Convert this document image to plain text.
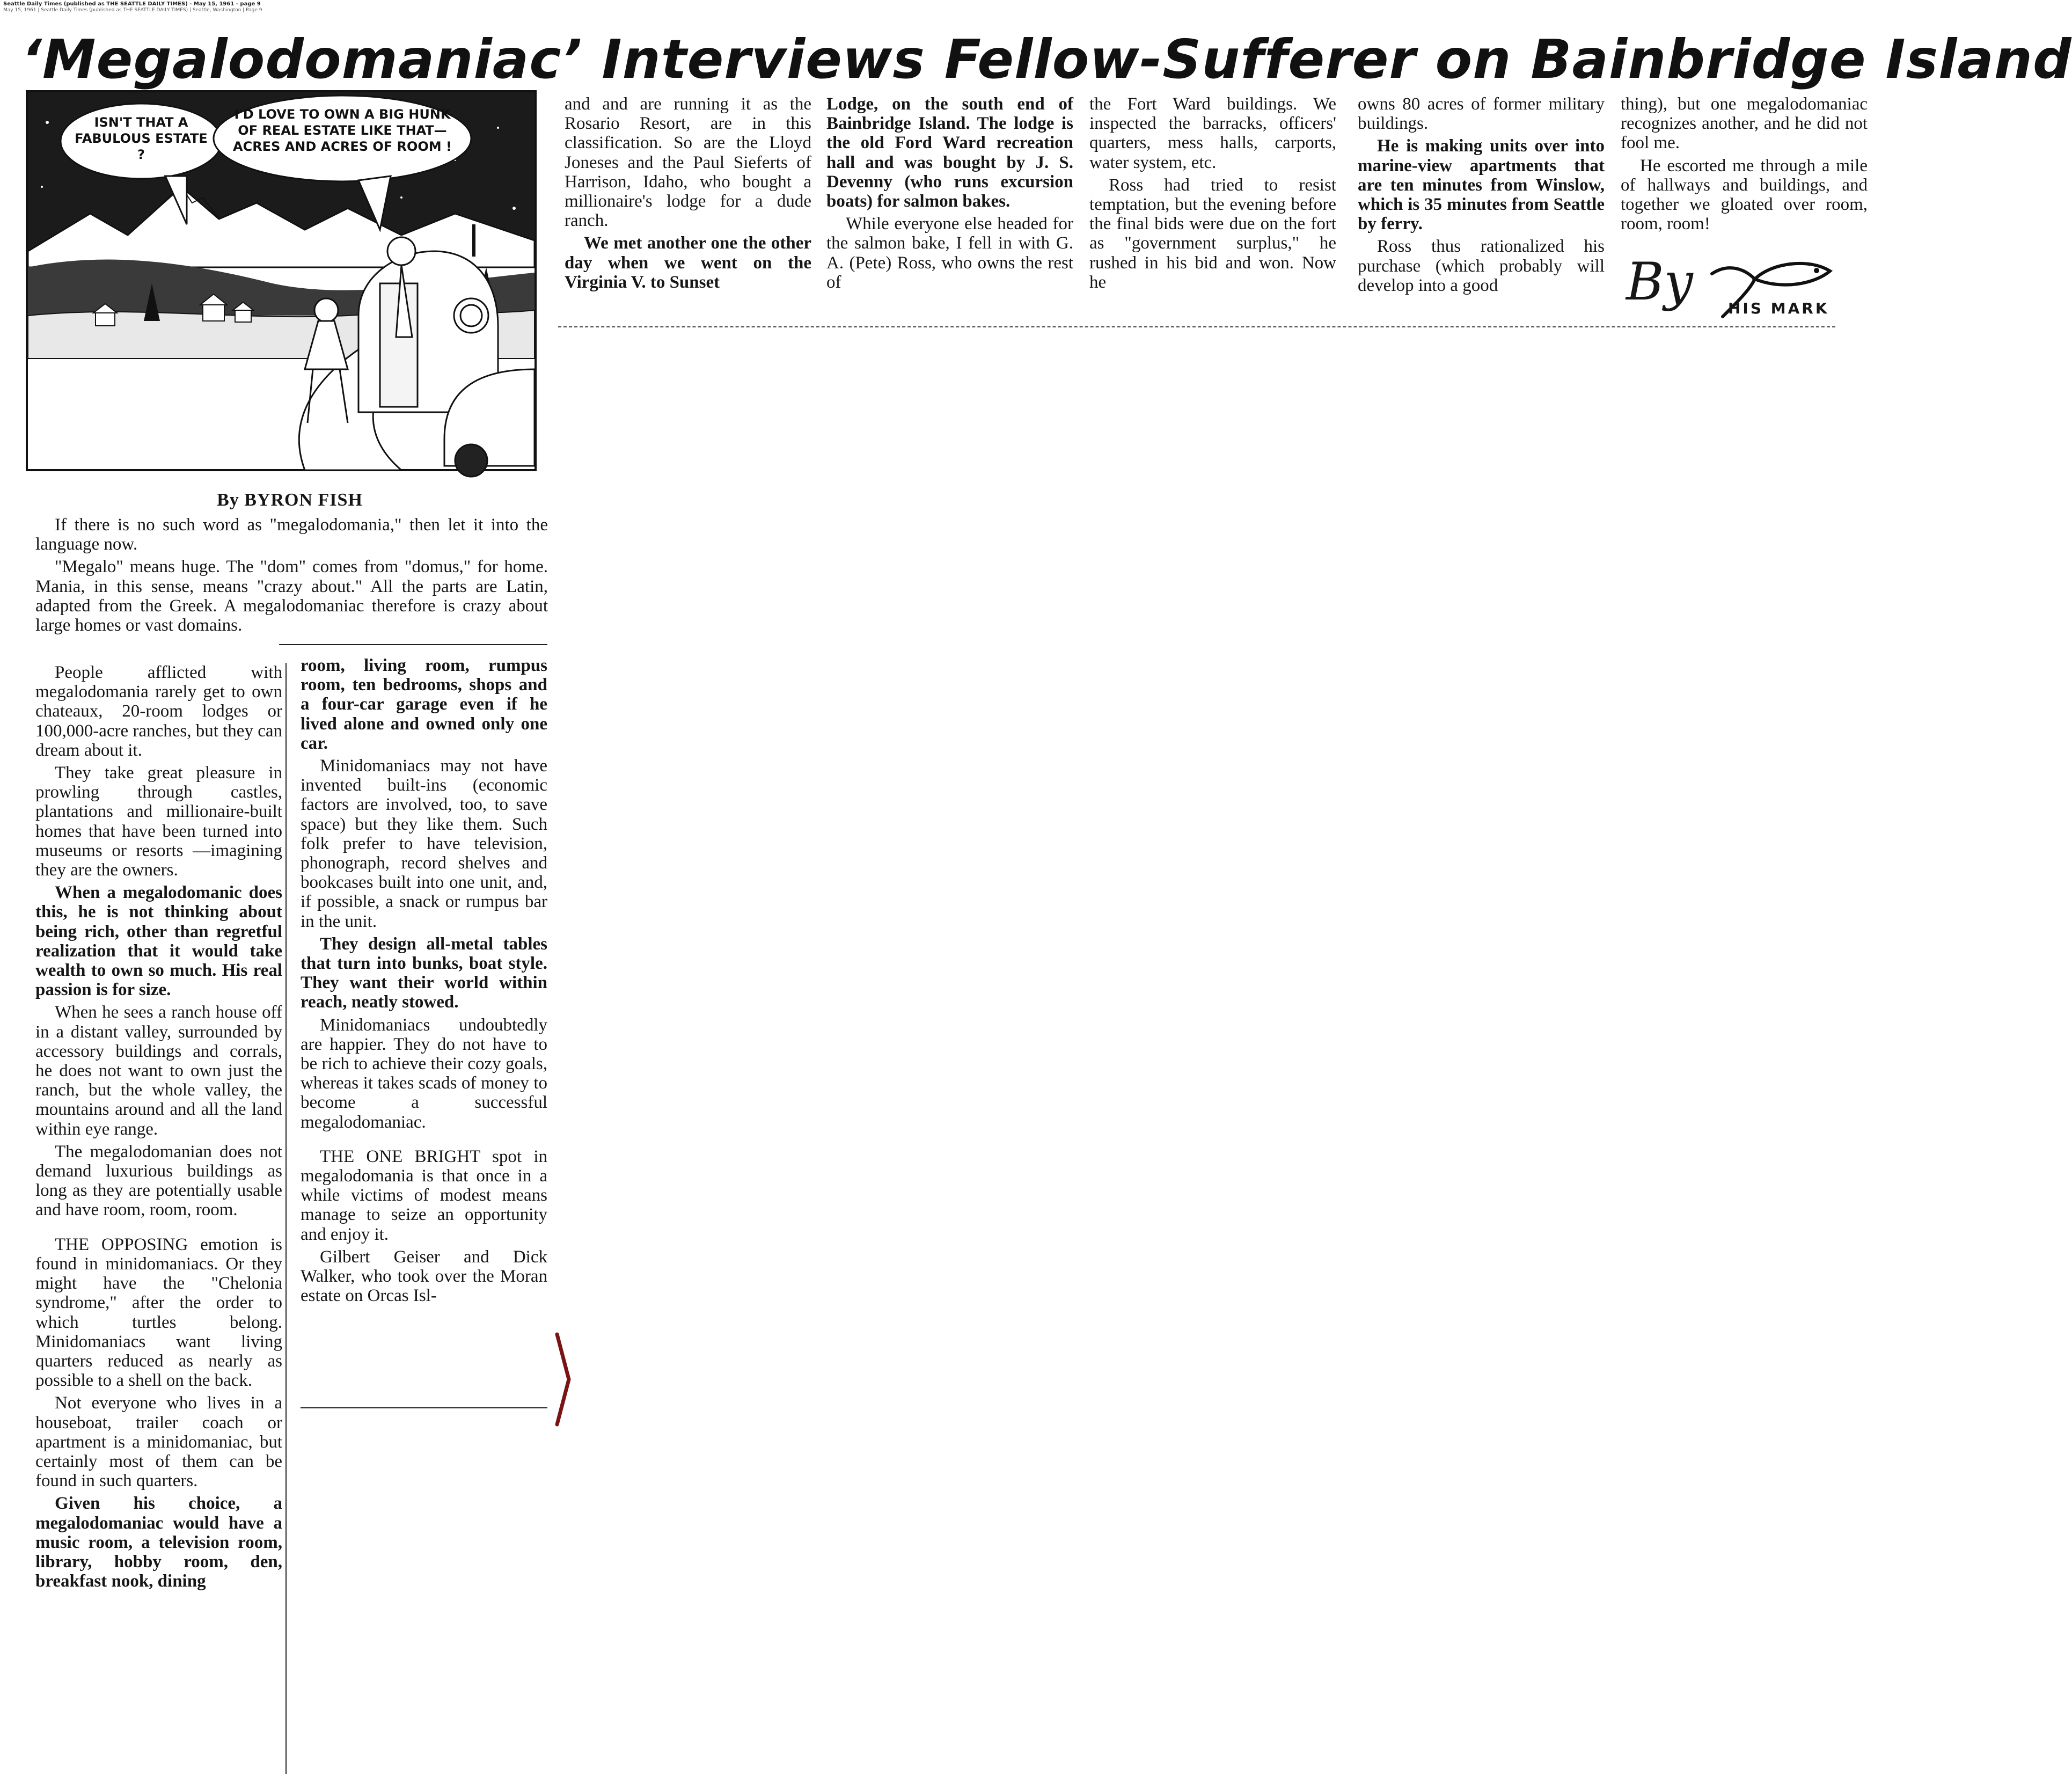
Seattle Daily Times (published as THE SEATTLE DAILY TIMES) - May 15, 1961 - page 9
May 15, 1961 | Seattle Daily Times (published as THE SEATTLE DAILY TIMES) | Seattle, Washington | Page 9
‘Megalodomaniac’ Interviews Fellow-Sufferer on Bainbridge Island
ISN'T THAT A FABULOUS ESTATE ?
I'D LOVE TO OWN A BIG HUNK OF REAL ESTATE LIKE THAT—ACRES AND ACRES OF ROOM !
By BYRON FISH

If there is no such word as "megalodomania," then let it into the language now.

"Megalo" means huge. The "dom" comes from "domus," for home. Mania, in this sense, means "crazy about." All the parts are Latin, adapted from the Greek. A megalodomaniac therefore is crazy about large homes or vast domains.

People afflicted with megalodomania rarely get to own chateaux, 20-room lodges or 100,000-acre ranches, but they can dream about it.

They take great pleasure in prowling through castles, plantations and millionaire-built homes that have been turned into museums or resorts —imagining they are the owners.

When a megalodomanic does this, he is not thinking about being rich, other than regretful realization that it would take wealth to own so much. His real passion is for size.

When he sees a ranch house off in a distant valley, surrounded by accessory buildings and corrals, he does not want to own just the ranch, but the whole valley, the mountains around and all the land within eye range.

The megalodomanian does not demand luxurious buildings as long as they are potentially usable and have room, room, room.

THE OPPOSING emotion is found in minidomaniacs. Or they might have the "Chelonia syndrome," after the order to which turtles belong. Minidomaniacs want living quarters reduced as nearly as possible to a shell on the back.

Not everyone who lives in a houseboat, trailer coach or apartment is a minidomaniac, but certainly most of them can be found in such quarters.

Given his choice, a megalodomaniac would have a music room, a television room, library, hobby room, den, breakfast nook, dining

room, living room, rumpus room, ten bedrooms, shops and a four-car garage even if he lived alone and owned only one car.

Minidomaniacs may not have invented built-ins (economic factors are involved, too, to save space) but they like them. Such folk prefer to have television, phonograph, record shelves and bookcases built into one unit, and, if possible, a snack or rumpus bar in the unit.

They design all-metal tables that turn into bunks, boat style. They want their world within reach, neatly stowed.

Minidomaniacs undoubtedly are happier. They do not have to be rich to achieve their cozy goals, whereas it takes scads of money to become a successful megalodomaniac.

THE ONE BRIGHT spot in megalodomania is that once in a while victims of modest means manage to seize an opportunity and enjoy it.

Gilbert Geiser and Dick Walker, who took over the Moran estate on Orcas Isl-

and and are running it as the Rosario Resort, are in this classification. So are the Lloyd Joneses and the Paul Sieferts of Harrison, Idaho, who bought a millionaire's lodge for a dude ranch.

We met another one the other day when we went on the Virginia V. to Sunset

Lodge, on the south end of Bainbridge Island. The lodge is the old Ford Ward recreation hall and was bought by J. S. Devenny (who runs excursion boats) for salmon bakes.

While everyone else headed for the salmon bake, I fell in with G. A. (Pete) Ross, who owns the rest of

the Fort Ward buildings. We inspected the barracks, officers' quarters, mess halls, carports, water system, etc.

Ross had tried to resist temptation, but the evening before the final bids were due on the fort as "government surplus," he rushed in his bid and won. Now he

owns 80 acres of former military buildings.

He is making units over into marine-view apartments that are ten minutes from Winslow, which is 35 minutes from Seattle by ferry.

Ross thus rationalized his purchase (which probably will develop into a good

thing), but one megalodomaniac recognizes another, and he did not fool me.

He escorted me through a mile of hallways and buildings, and together we gloated over room, room, room!

By HIS MARK
